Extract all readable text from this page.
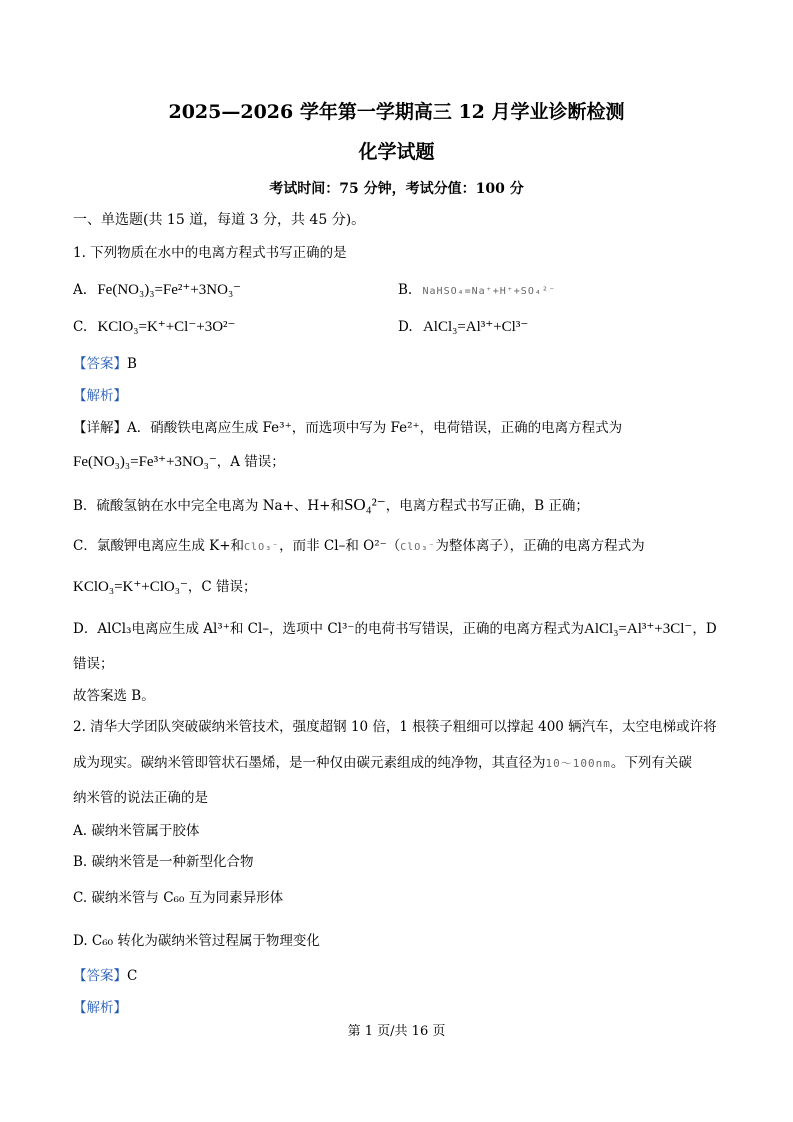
2025—2026 学年第一学期高三 12 月学业诊断检测
化学试题
考试时间：75 分钟，考试分值：100 分
一、单选题(共 15 道，每道 3 分，共 45 分)。
1. 下列物质在水中的电离方程式书写正确的是
A. Fe(NO₃)₃=Fe²⁺+3NO₃⁻	B. NaHSO₄=Na⁺+H⁺+SO₄²⁻
C. KClO₃=K⁺+Cl⁻+3O²⁻	D. AlCl₃=Al³⁺+Cl³⁻
【答案】B
【解析】
【详解】A．硝酸铁电离应生成 Fe³⁺，而选项中写为 Fe²⁺，电荷错误，正确的电离方程式为
Fe(NO₃)₃=Fe³⁺+3NO₃⁻，A 错误；
B．硫酸氢钠在水中完全电离为 Na+、H+和SO₄²⁻，电离方程式书写正确，B 正确；
C．氯酸钾电离应生成 K+和ClO₃⁻，而非 Cl–和 O²⁻（ClO₃⁻为整体离子），正确的电离方程式为
KClO₃=K⁺+ClO₃⁻，C 错误；
D．AlCl₃电离应生成 Al³⁺和 Cl–，选项中 Cl³⁻的电荷书写错误，正确的电离方程式为AlCl₃=Al³⁺+3Cl⁻，D
错误；
故答案选 B。
2. 清华大学团队突破碳纳米管技术，强度超钢 10 倍，1 根筷子粗细可以撑起 400 辆汽车，太空电梯或许将
成为现实。碳纳米管即管状石墨烯，是一种仅由碳元素组成的纯净物，其直径为10～100nm。下列有关碳
纳米管的说法正确的是
A. 碳纳米管属于胶体
B. 碳纳米管是一种新型化合物
C. 碳纳米管与 C₆₀ 互为同素异形体
D. C₆₀ 转化为碳纳米管过程属于物理变化
【答案】C
【解析】
第 1 页/共 16 页
